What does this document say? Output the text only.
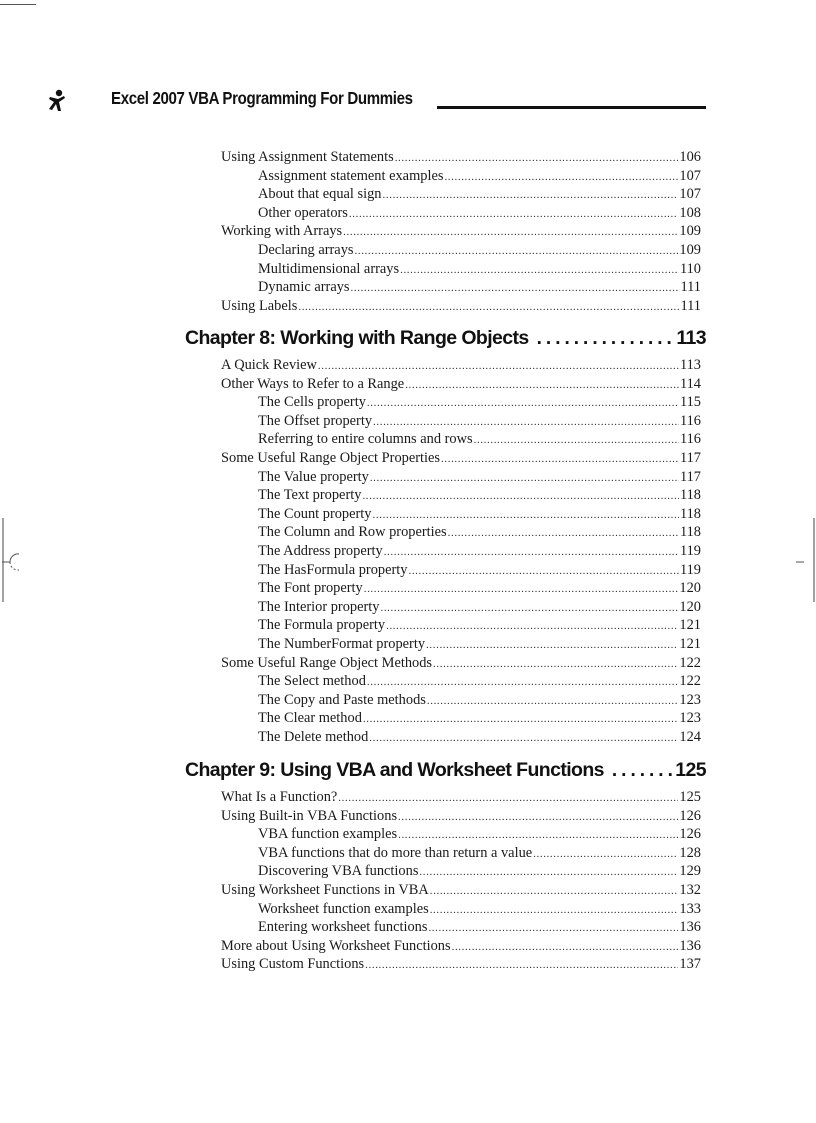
Excel 2007 VBA Programming For Dummies
Using Assignment Statements .....	106
Assignment statement examples .....	107
About that equal sign .....	107
Other operators .....	108
Working with Arrays .....	109
Declaring arrays .....	109
Multidimensional arrays .....	110
Dynamic arrays .....	111
Using Labels .....	111
Chapter 8: Working with Range Objects .....	113
A Quick Review .....	113
Other Ways to Refer to a Range .....	114
The Cells property .....	115
The Offset property .....	116
Referring to entire columns and rows .....	116
Some Useful Range Object Properties .....	117
The Value property .....	117
The Text property .....	118
The Count property .....	118
The Column and Row properties .....	118
The Address property .....	119
The HasFormula property .....	119
The Font property .....	120
The Interior property .....	120
The Formula property .....	121
The NumberFormat property .....	121
Some Useful Range Object Methods .....	122
The Select method .....	122
The Copy and Paste methods .....	123
The Clear method .....	123
The Delete method .....	124
Chapter 9: Using VBA and Worksheet Functions .....	125
What Is a Function? .....	125
Using Built-in VBA Functions .....	126
VBA function examples .....	126
VBA functions that do more than return a value .....	128
Discovering VBA functions .....	129
Using Worksheet Functions in VBA .....	132
Worksheet function examples .....	133
Entering worksheet functions .....	136
More about Using Worksheet Functions .....	136
Using Custom Functions .....	137
